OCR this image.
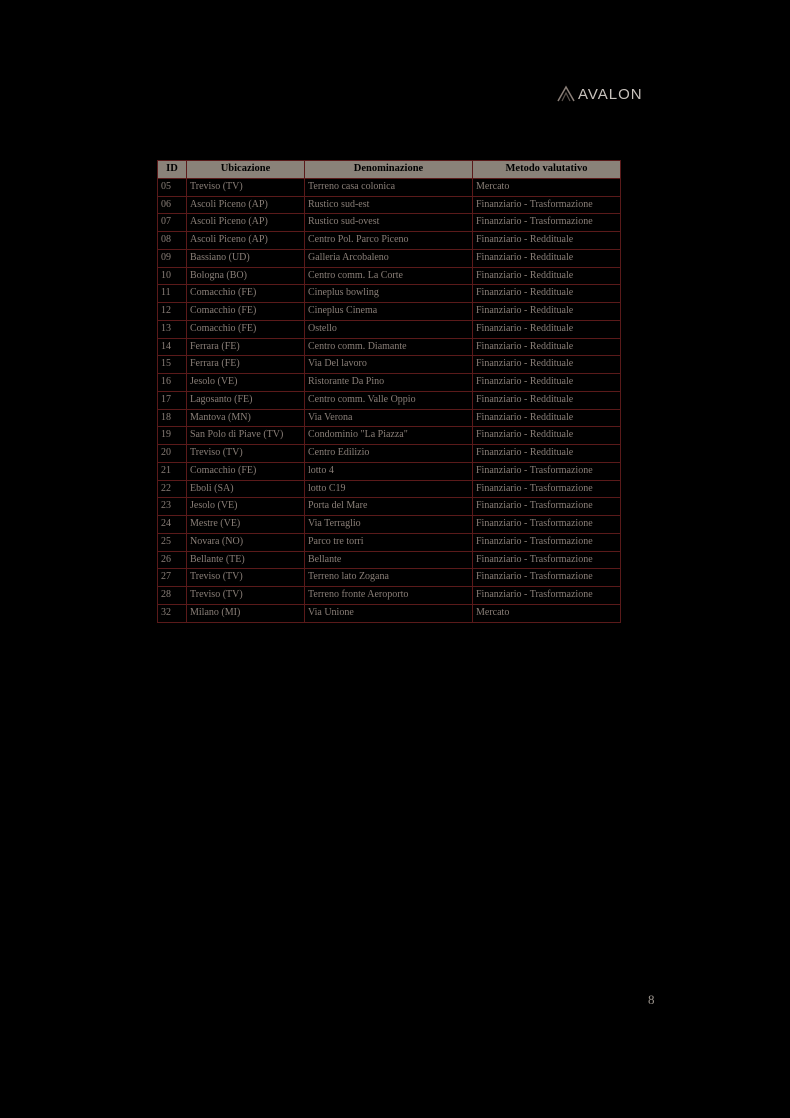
AVALON
ID	Ubicazione	Denominazione	Metodo valutativo
05	Treviso (TV)	Terreno casa colonica	Mercato
06	Ascoli Piceno (AP)	Rustico sud-est	Finanziario - Trasformazione
07	Ascoli Piceno (AP)	Rustico sud-ovest	Finanziario - Trasformazione
08	Ascoli Piceno (AP)	Centro Pol. Parco Piceno	Finanziario - Reddituale
09	Bassiano (UD)	Galleria Arcobaleno	Finanziario - Reddituale
10	Bologna (BO)	Centro comm. La Corte	Finanziario - Reddituale
11	Comacchio (FE)	Cineplus bowling	Finanziario - Reddituale
12	Comacchio (FE)	Cineplus Cinema	Finanziario - Reddituale
13	Comacchio (FE)	Ostello	Finanziario - Reddituale
14	Ferrara (FE)	Centro comm. Diamante	Finanziario - Reddituale
15	Ferrara (FE)	Via Del lavoro	Finanziario - Reddituale
16	Jesolo (VE)	Ristorante Da Pino	Finanziario - Reddituale
17	Lagosanto (FE)	Centro comm. Valle Oppio	Finanziario - Reddituale
18	Mantova (MN)	Via Verona	Finanziario - Reddituale
19	San Polo di Piave (TV)	Condominio "La Piazza"	Finanziario - Reddituale
20	Treviso (TV)	Centro Edilizio	Finanziario - Reddituale
21	Comacchio (FE)	lotto 4	Finanziario - Trasformazione
22	Eboli (SA)	lotto C19	Finanziario - Trasformazione
23	Jesolo (VE)	Porta del Mare	Finanziario - Trasformazione
24	Mestre (VE)	Via Terraglio	Finanziario - Trasformazione
25	Novara (NO)	Parco tre torri	Finanziario - Trasformazione
26	Bellante (TE)	Bellante	Finanziario - Trasformazione
27	Treviso (TV)	Terreno lato Zogana	Finanziario - Trasformazione
28	Treviso (TV)	Terreno fronte Aeroporto	Finanziario - Trasformazione
32	Milano (MI)	Via Unione	Mercato
8
